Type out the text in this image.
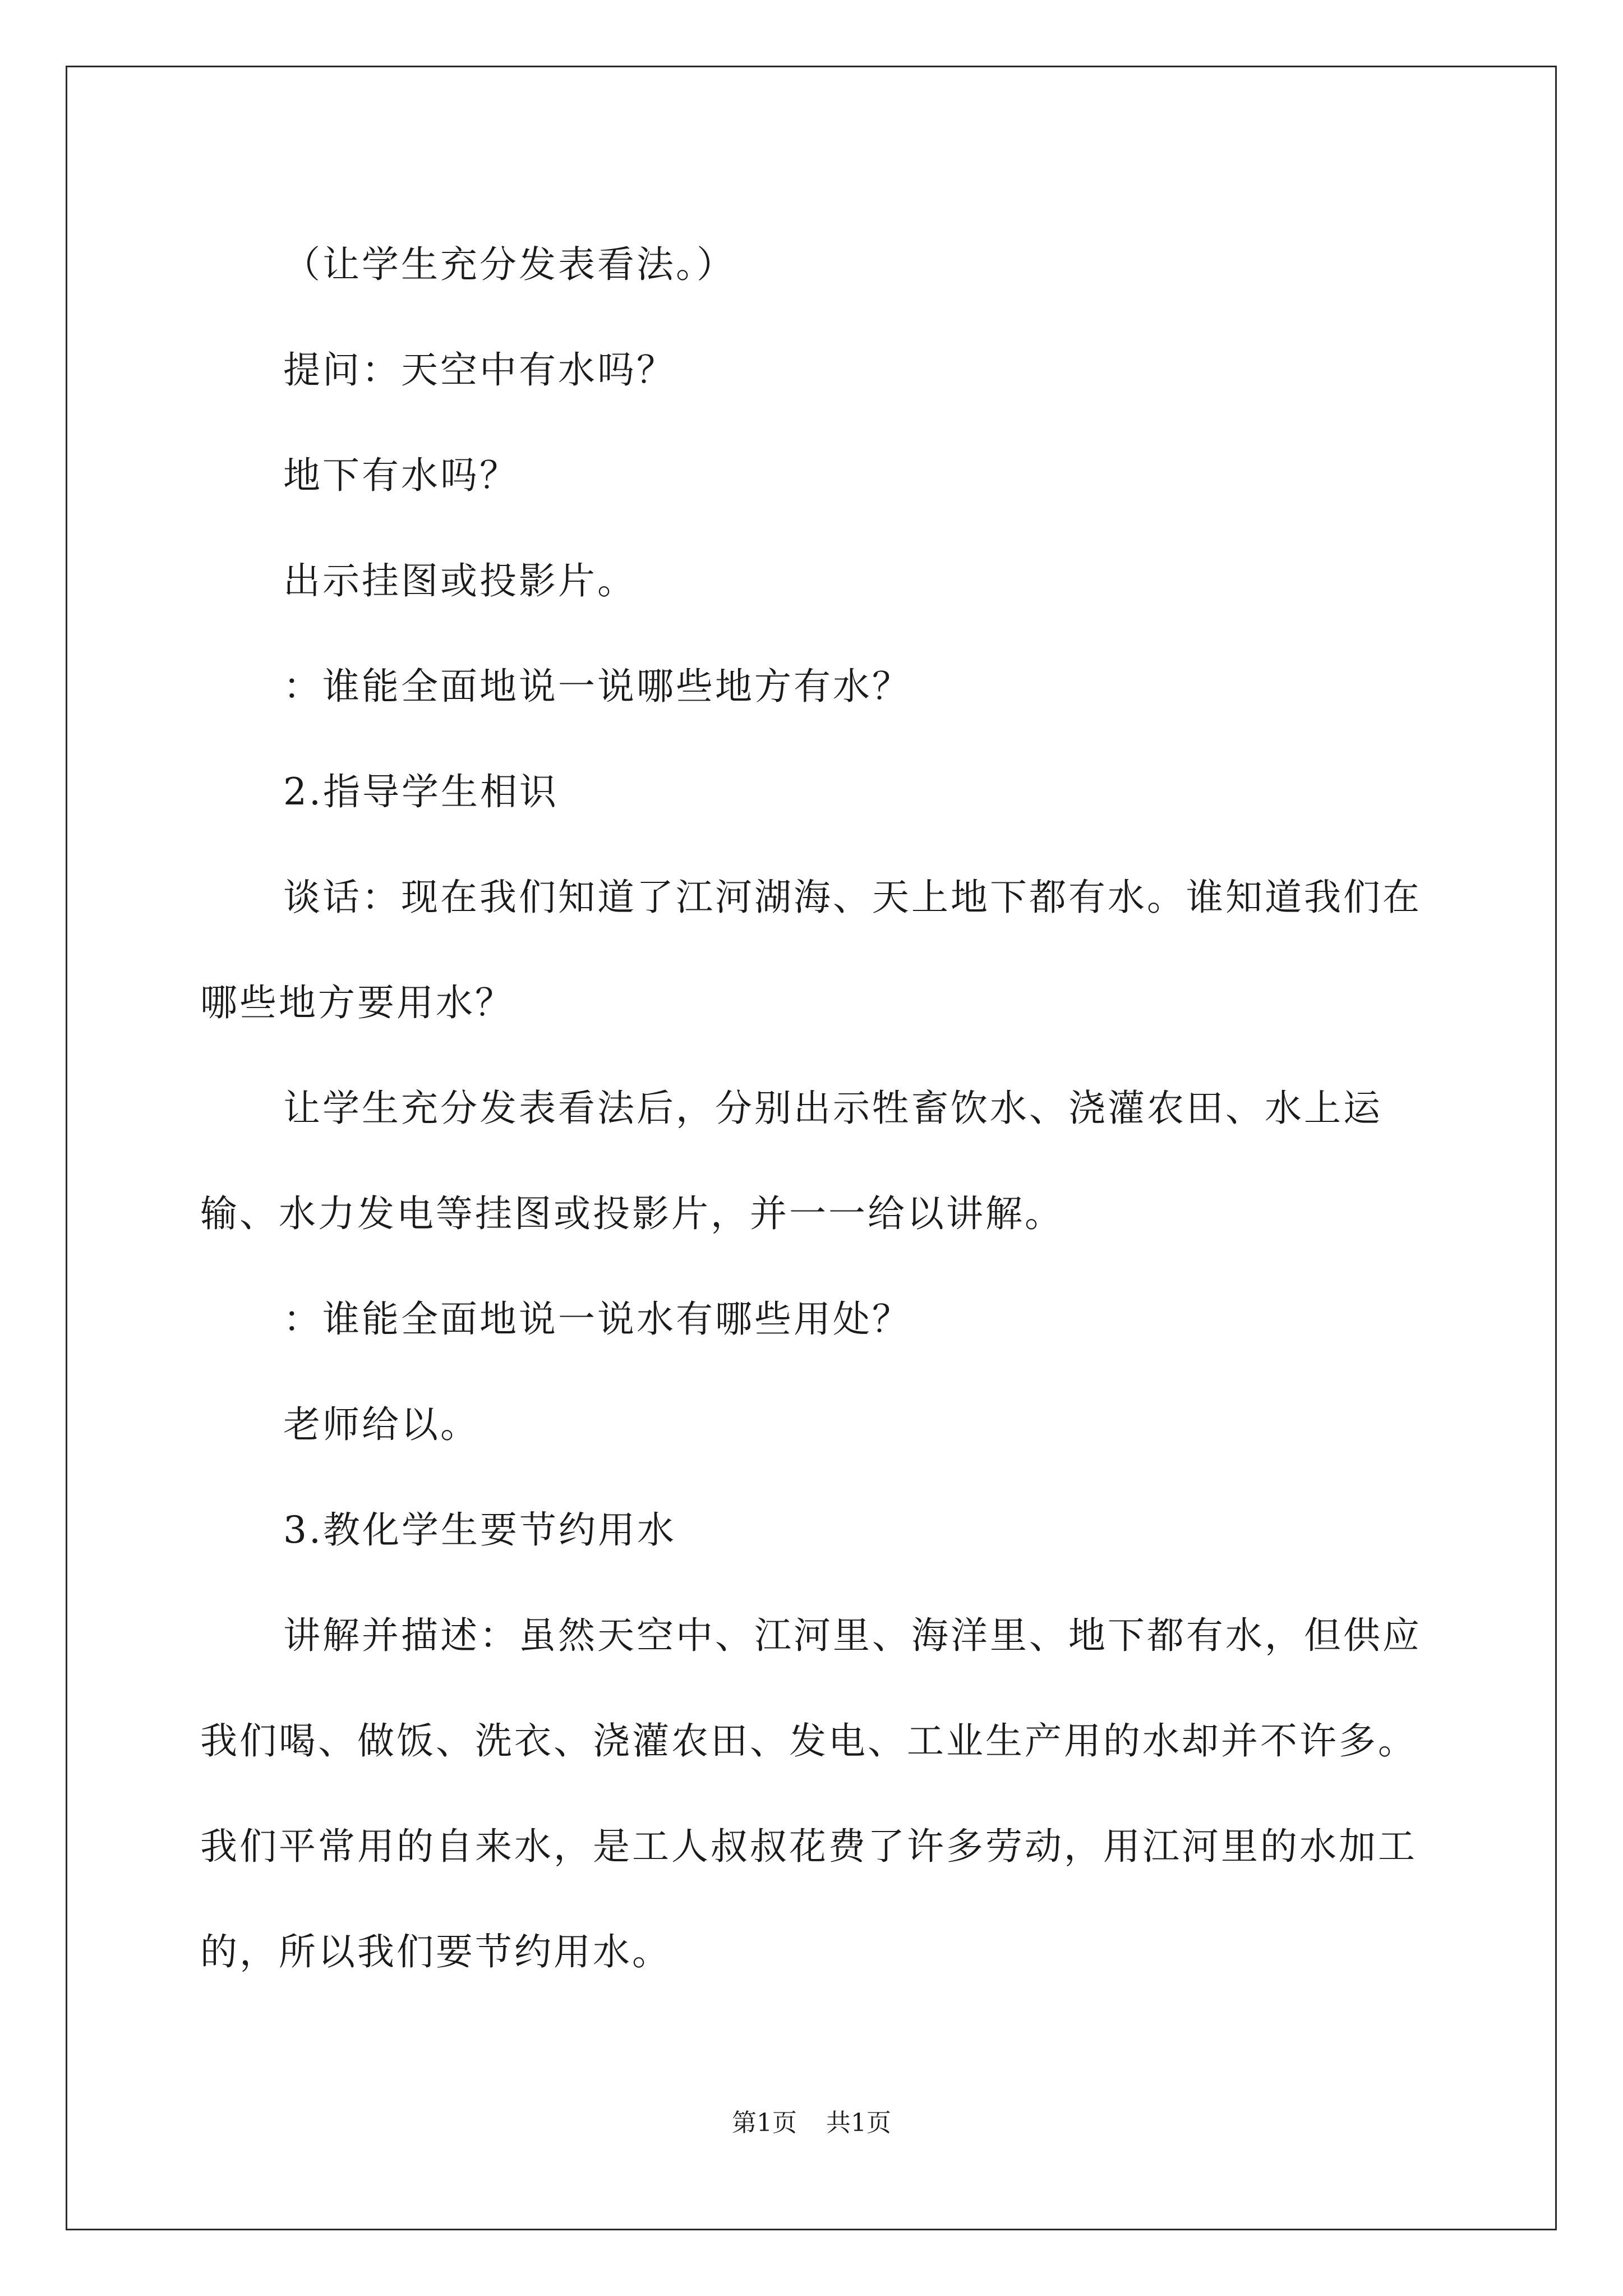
（让学生充分发表看法。）

提问：天空中有水吗？

地下有水吗？

出示挂图或投影片。

：谁能全面地说一说哪些地方有水？

2.指导学生相识

谈话：现在我们知道了江河湖海、天上地下都有水。谁知道我们在哪些地方要用水？

让学生充分发表看法后，分别出示牲畜饮水、浇灌农田、水上运输、水力发电等挂图或投影片，并一一给以讲解。

：谁能全面地说一说水有哪些用处？

老师给以。

3.教化学生要节约用水

讲解并描述：虽然天空中、江河里、海洋里、地下都有水，但供应我们喝、做饭、洗衣、浇灌农田、发电、工业生产用的水却并不许多。我们平常用的自来水，是工人叔叔花费了许多劳动，用江河里的水加工的，所以我们要节约用水。

第1页 共1页
